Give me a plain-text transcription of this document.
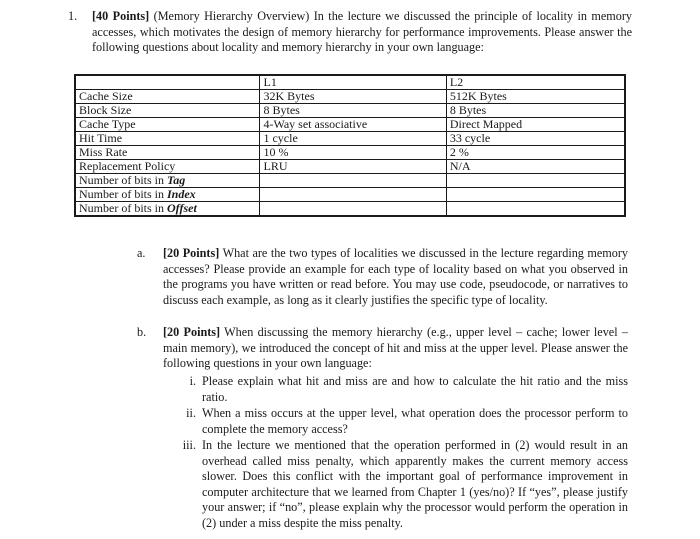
1. [40 Points] (Memory Hierarchy Overview) In the lecture we discussed the principle of locality in memory accesses, which motivates the design of memory hierarchy for performance improvements. Please answer the following questions about locality and memory hierarchy in your own language:
	L1	L2
Cache Size	32K Bytes	512K Bytes
Block Size	8 Bytes	8 Bytes
Cache Type	4-Way set associative	Direct Mapped
Hit Time	1 cycle	33 cycle
Miss Rate	10 %	2 %
Replacement Policy	LRU	N/A
Number of bits in Tag		
Number of bits in Index		
Number of bits in Offset		
a. [20 Points] What are the two types of localities we discussed in the lecture regarding memory accesses? Please provide an example for each type of locality based on what you observed in the programs you have written or read before. You may use code, pseudocode, or narratives to discuss each example, as long as it clearly justifies the specific type of locality.
b. [20 Points] When discussing the memory hierarchy (e.g., upper level – cache; lower level – main memory), we introduced the concept of hit and miss at the upper level. Please answer the following questions in your own language:
i. Please explain what hit and miss are and how to calculate the hit ratio and the miss ratio.
ii. When a miss occurs at the upper level, what operation does the processor perform to complete the memory access?
iii. In the lecture we mentioned that the operation performed in (2) would result in an overhead called miss penalty, which apparently makes the current memory access slower. Does this conflict with the important goal of performance improvement in computer architecture that we learned from Chapter 1 (yes/no)? If “yes”, please justify your answer; if “no”, please explain why the processor would perform the operation in (2) under a miss despite the miss penalty.
